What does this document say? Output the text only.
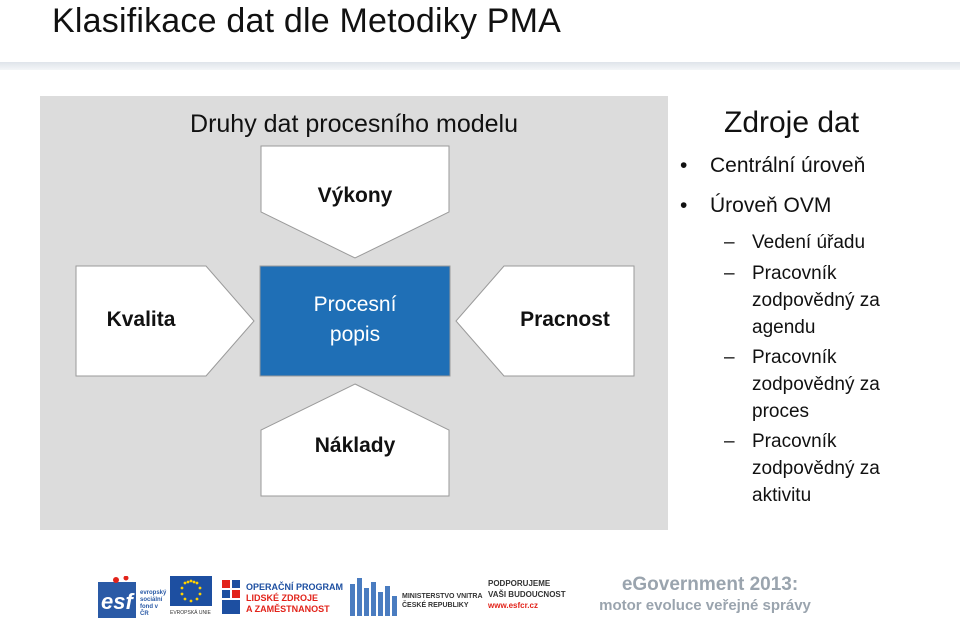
Klasifikace dat dle Metodiky PMA
Druhy dat procesního modelu
Výkony
Kvalita
Procesní
popis
Pracnost
Náklady
Zdroje dat
• Centrální úroveň
• Úroveň OVM
– Vedení úřadu
– Pracovník
zodpovědný za
agendu
– Pracovník
zodpovědný za
proces
– Pracovník
zodpovědný za
aktivitu
esf	evropský
sociální
fond v ČR	EVROPSKÁ UNIE
OPERAČNÍ PROGRAM
LIDSKÉ ZDROJE
A ZAMĚSTNANOST
MINISTERSTVO VNITRA
ČESKÉ REPUBLIKY
PODPORUJEME
VAŠI BUDOUCNOST
www.esfcr.cz
eGovernment 2013:
motor evoluce veřejné správy
